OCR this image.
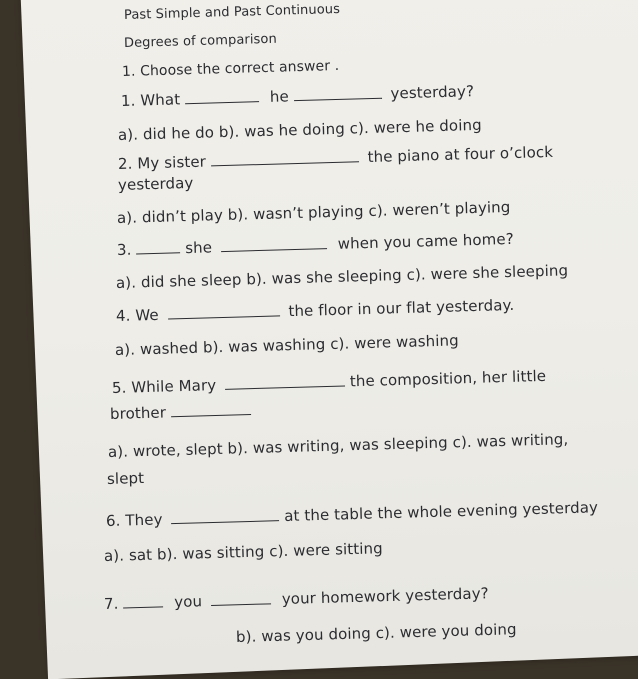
Past Simple and Past Continuous
Degrees of comparison
1. Choose the correct answer .
1. What	he	yesterday?
a). did he do b). was he doing c). were he doing
2. My sister	the piano at four o’clock
yesterday
a). didn’t play b). wasn’t playing c). weren’t playing
3.	she	when you came home?
a). did she sleep b). was she sleeping c). were she sleeping
4. We	the floor in our flat yesterday.
a). washed b). was washing c). were washing
5. While Mary	the composition, her little
brother
a). wrote, slept b). was writing, was sleeping c). was writing,
slept
6. They	at the table the whole evening yesterday
a). sat b). was sitting c). were sitting
7.	you	your homework yesterday?
b). was you doing c). were you doing
